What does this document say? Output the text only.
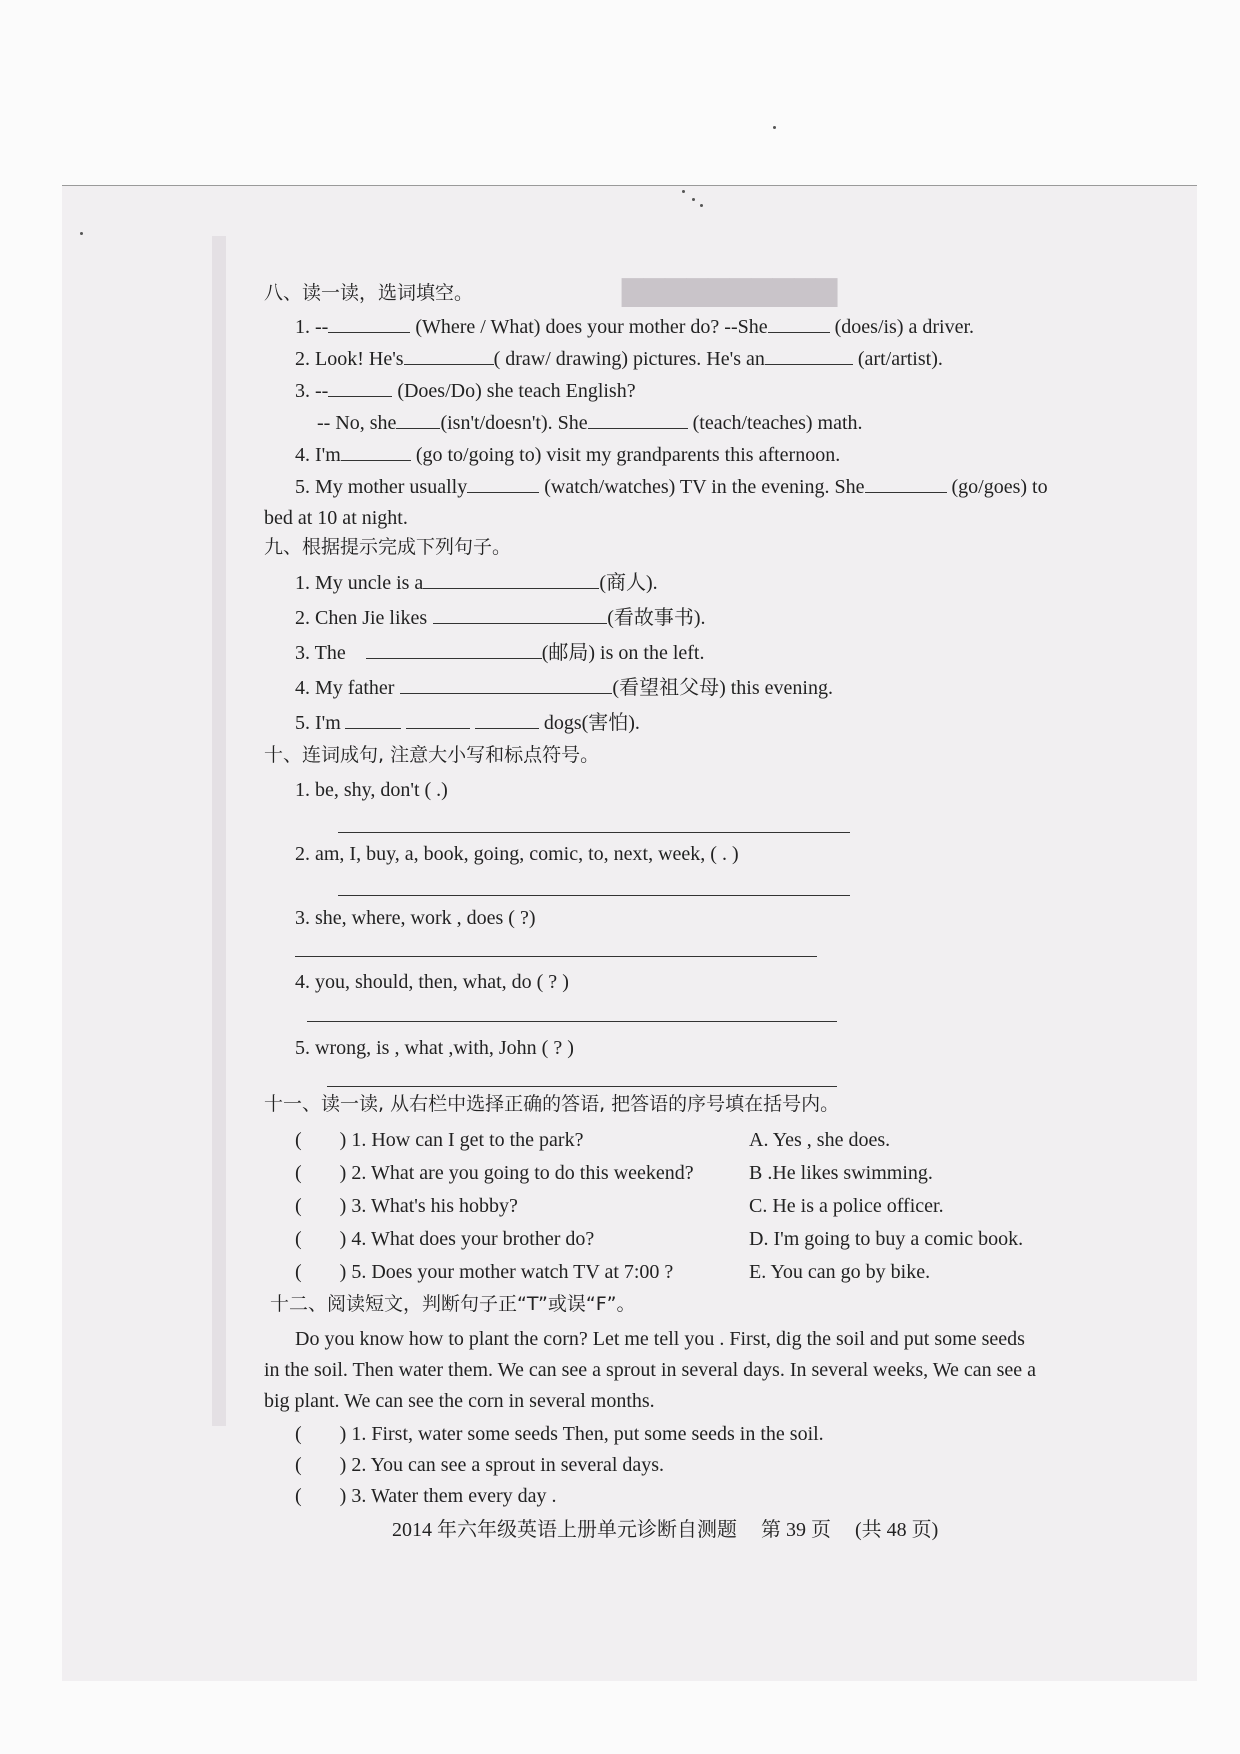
▇▇▇▇▇▇▇▇▇▇
八、读一读，选词填空。
1. --	(Where / What) does your mother do? --She	(does/is) a driver.
2. Look! He's	( draw/ drawing) pictures. He's an	(art/artist).
3. --	(Does/Do) she teach English?
-- No, she (isn't/doesn't). She	(teach/teaches) math.
4. I'm	(go to/going to) visit my grandparents this afternoon.
5. My mother usually	(watch/watches) TV in the evening. She	(go/goes) to
bed at 10 at night.
九、根据提示完成下列句子。
1. My uncle is a	(商人).
2. Chen Jie likes	(看故事书).
3. The	(邮局) is on the left.
4. My father	(看望祖父母) this evening.
5. I'm	dogs(害怕).
十、连词成句, 注意大小写和标点符号。
1. be, shy, don't ( .)
2. am, I, buy, a, book, going, comic, to, next, week, ( . )
3. she, where, work , does ( ?)
4. you, should, then, what, do ( ? )
5. wrong, is , what ,with, John ( ? )
十一、读一读, 从右栏中选择正确的答语, 把答语的序号填在括号内。
( ) 1. How can I get to the park?	A. Yes , she does.
( ) 2. What are you going to do this weekend?	B .He likes swimming.
( ) 3. What's his hobby?	C. He is a police officer.
( ) 4. What does your brother do?	D. I'm going to buy a comic book.
( ) 5. Does your mother watch TV at 7:00 ?	E. You can go by bike.
十二、阅读短文，判断句子正“T”或误“F”。
Do you know how to plant the corn? Let me tell you . First, dig the soil and put some seeds
in the soil. Then water them. We can see a sprout in several days. In several weeks, We can see a
big plant. We can see the corn in several months.
( ) 1. First, water some seeds Then, put some seeds in the soil.
( ) 2. You can see a sprout in several days.
( ) 3. Water them every day .
2014 年六年级英语上册单元诊断自测题 第 39 页 (共 48 页)
